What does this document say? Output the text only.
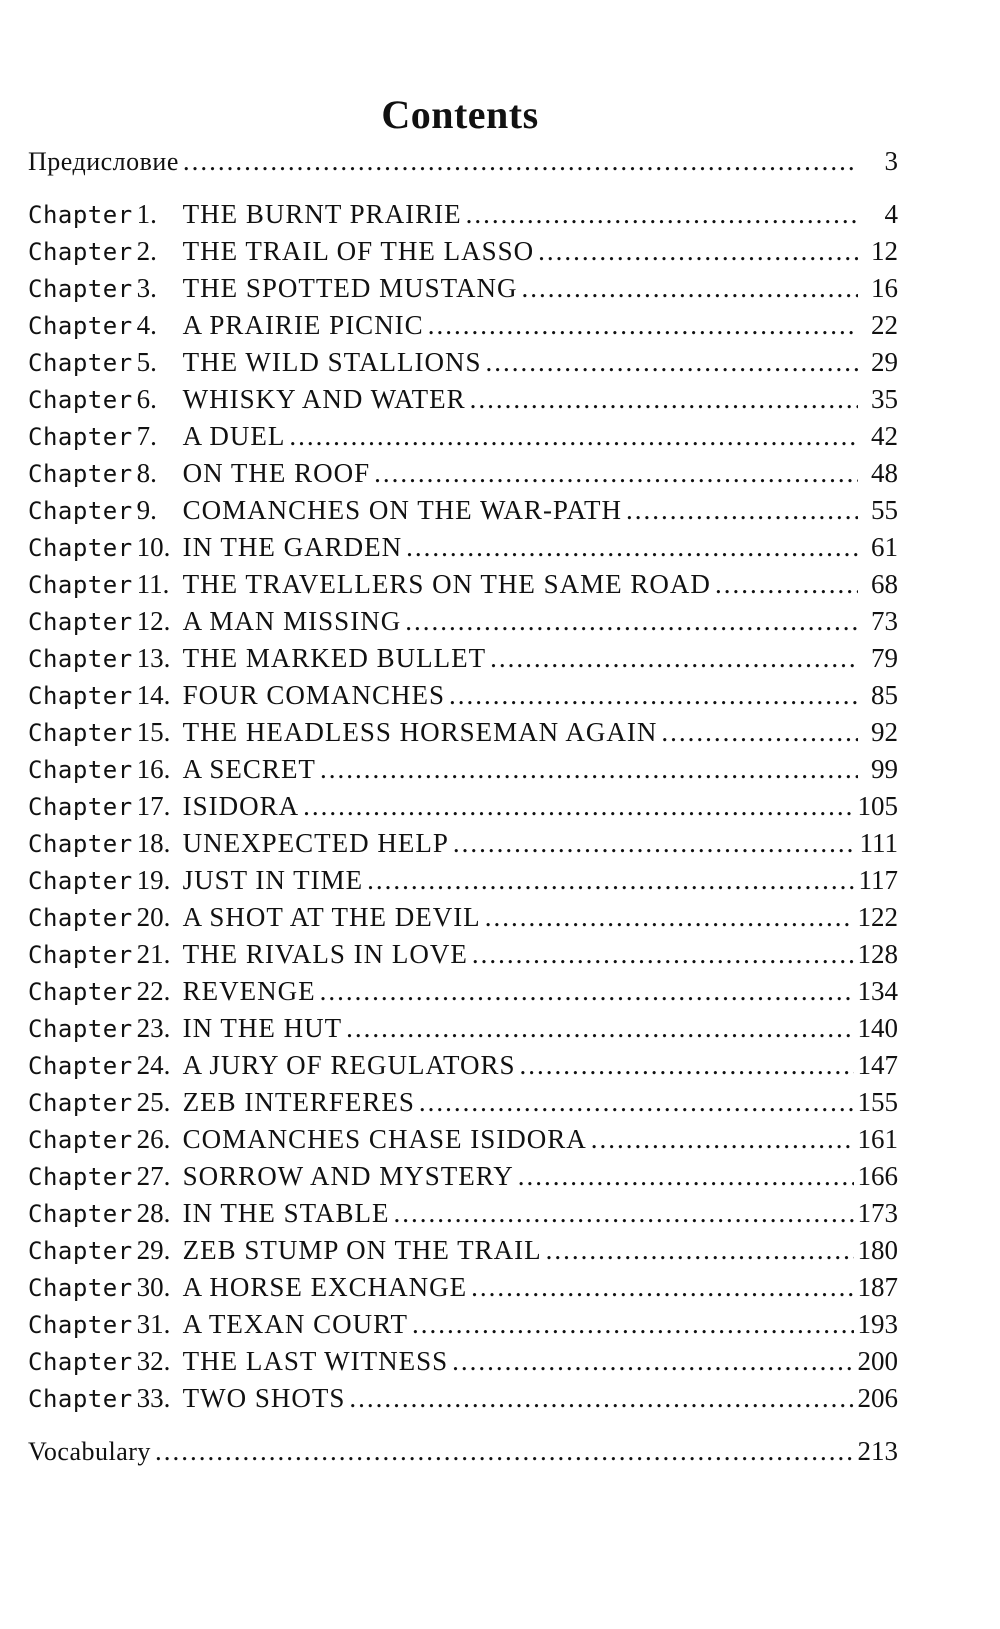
Contents
Предисловие .....	3
Chapter 1. THE BURNT PRAIRIE .....	4
Chapter 2. THE TRAIL OF THE LASSO .....	12
Chapter 3. THE SPOTTED MUSTANG .....	16
Chapter 4. A PRAIRIE PICNIC .....	22
Chapter 5. THE WILD STALLIONS .....	29
Chapter 6. WHISKY AND WATER .....	35
Chapter 7. A DUEL .....	42
Chapter 8. ON THE ROOF .....	48
Chapter 9. COMANCHES ON THE WAR-PATH .....	55
Chapter 10. IN THE GARDEN .....	61
Chapter 11. THE TRAVELLERS ON THE SAME ROAD .....	68
Chapter 12. A MAN MISSING .....	73
Chapter 13. THE MARKED BULLET .....	79
Chapter 14. FOUR COMANCHES .....	85
Chapter 15. THE HEADLESS HORSEMAN AGAIN .....	92
Chapter 16. A SECRET .....	99
Chapter 17. ISIDORA .....	105
Chapter 18. UNEXPECTED HELP .....	111
Chapter 19. JUST IN TIME .....	117
Chapter 20. A SHOT AT THE DEVIL .....	122
Chapter 21. THE RIVALS IN LOVE .....	128
Chapter 22. REVENGE .....	134
Chapter 23. IN THE HUT .....	140
Chapter 24. A JURY OF REGULATORS .....	147
Chapter 25. ZEB INTERFERES .....	155
Chapter 26. COMANCHES CHASE ISIDORA .....	161
Chapter 27. SORROW AND MYSTERY .....	166
Chapter 28. IN THE STABLE .....	173
Chapter 29. ZEB STUMP ON THE TRAIL .....	180
Chapter 30. A HORSE EXCHANGE .....	187
Chapter 31. A TEXAN COURT .....	193
Chapter 32. THE LAST WITNESS .....	200
Chapter 33. TWO SHOTS .....	206
Vocabulary .....	213
